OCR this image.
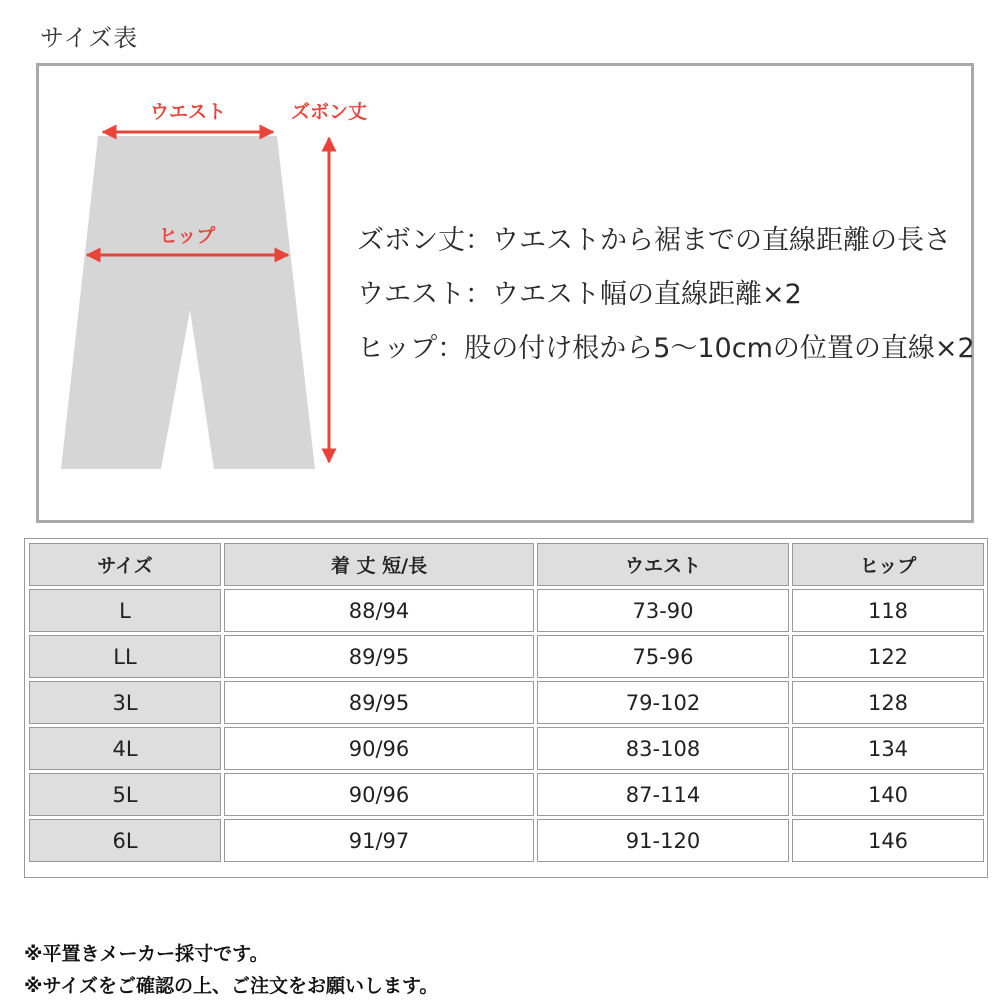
サイズ表
ウエスト
ヒップ
ズボン丈
ズボン丈：ウエストから裾までの直線距離の長さ
ウエスト：ウエスト幅の直線距離×2
ヒップ：股の付け根から5～10cmの位置の直線×2
サイズ	着 丈 短/長	ウエスト	ヒップ
L	88/94	73-90	118
LL	89/95	75-96	122
3L	89/95	79-102	128
4L	90/96	83-108	134
5L	90/96	87-114	140
6L	91/97	91-120	146
※平置きメーカー採寸です。
※サイズをご確認の上、ご注文をお願いします。
